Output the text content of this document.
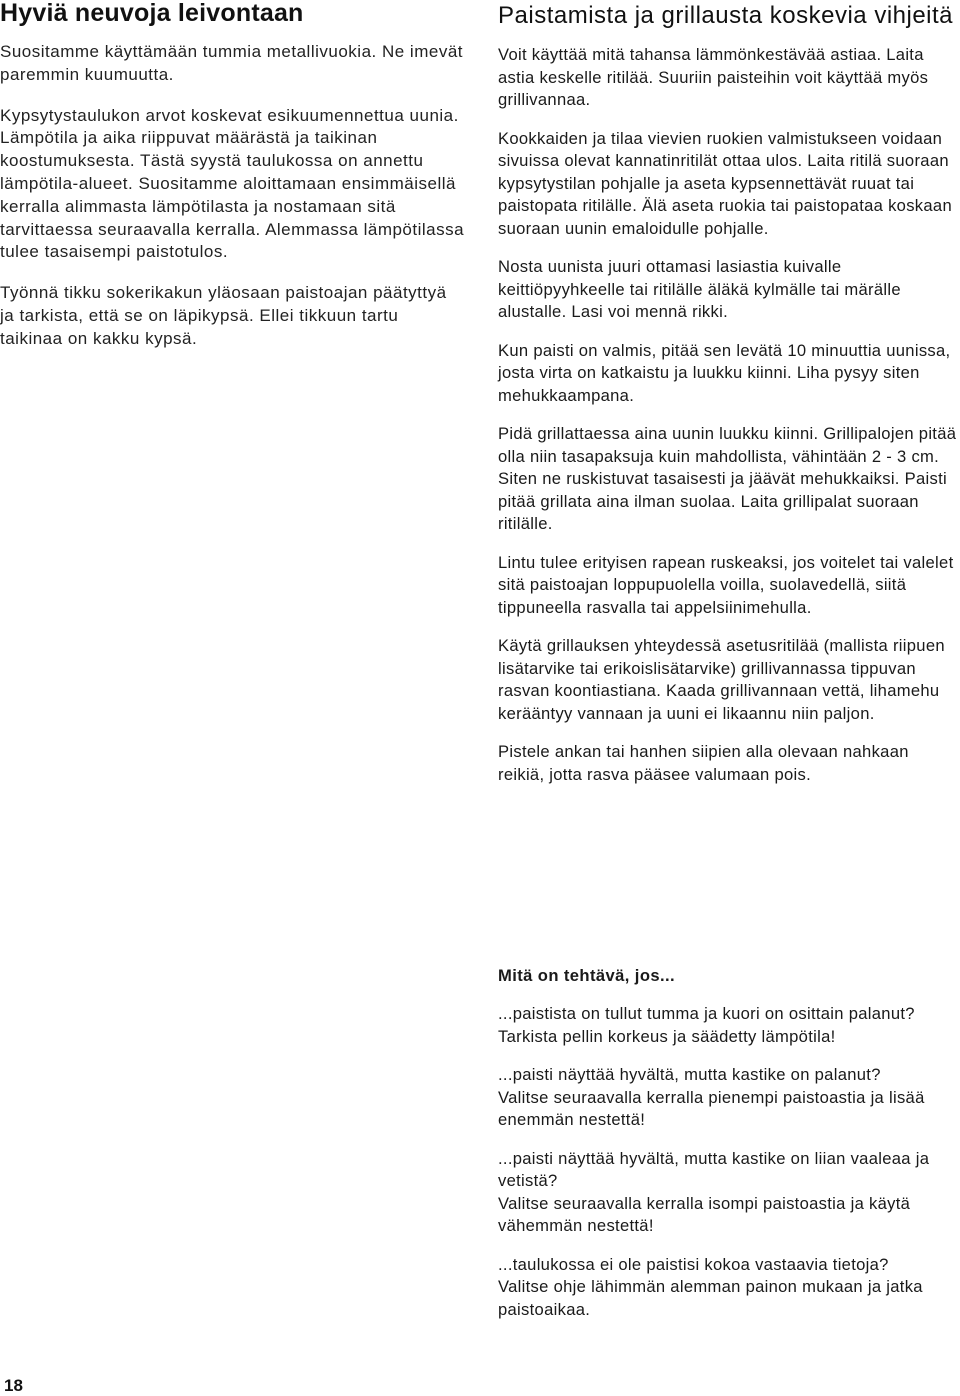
Hyviä neuvoja leivontaan

Suositamme käyttämään tummia metallivuokia. Ne imevät paremmin kuumuutta.

Kypsytystaulukon arvot koskevat esikuumennettua uunia. Lämpötila ja aika riippuvat määrästä ja taikinan koostumuksesta. Tästä syystä taulukossa on annettu lämpötila-alueet. Suositamme aloittamaan ensimmäisellä kerralla alimmasta lämpötilasta ja nostamaan sitä tarvittaessa seuraavalla kerralla. Alemmassa lämpötilassa tulee tasaisempi paistotulos.

Työnnä tikku sokerikakun yläosaan paistoajan päätyttyä ja tarkista, että se on läpikypsä. Ellei tikkuun tartu taikinaa on kakku kypsä.

Paistamista ja grillausta koskevia vihjeitä

Voit käyttää mitä tahansa lämmönkestävää astiaa. Laita astia keskelle ritilää. Suuriin paisteihin voit käyttää myös grillivannaa.

Kookkaiden ja tilaa vievien ruokien valmistukseen voidaan sivuissa olevat kannatinritilät ottaa ulos. Laita ritilä suoraan kypsytystilan pohjalle ja aseta kypsennettävät ruuat tai paistopata ritilälle. Älä aseta ruokia tai paistopataa koskaan suoraan uunin emaloidulle pohjalle.

Nosta uunista juuri ottamasi lasiastia kuivalle keittiöpyyhkeelle tai ritilälle äläkä kylmälle tai märälle alustalle. Lasi voi mennä rikki.

Kun paisti on valmis, pitää sen levätä 10 minuuttia uunissa, josta virta on katkaistu ja luukku kiinni. Liha pysyy siten mehukkaampana.

Pidä grillattaessa aina uunin luukku kiinni. Grillipalojen pitää olla niin tasapaksuja kuin mahdollista, vähintään 2 - 3 cm. Siten ne ruskistuvat tasaisesti ja jäävät mehukkaiksi. Paisti pitää grillata aina ilman suolaa. Laita grillipalat suoraan ritilälle.

Lintu tulee erityisen rapean ruskeaksi, jos voitelet tai valelet sitä paistoajan loppupuolella voilla, suolavedellä, siitä tippuneella rasvalla tai appelsiinimehulla.

Käytä grillauksen yhteydessä asetusritilää (mallista riipuen lisätarvike tai erikoislisätarvike) grillivannassa tippuvan rasvan koontiastiana. Kaada grillivannaan vettä, lihamehu kerääntyy vannaan ja uuni ei likaannu niin paljon.

Pistele ankan tai hanhen siipien alla olevaan nahkaan reikiä, jotta rasva pääsee valumaan pois.

Mitä on tehtävä, jos...

...paistista on tullut tumma ja kuori on osittain palanut?

Tarkista pellin korkeus ja säädetty lämpötila!

...paisti näyttää hyvältä, mutta kastike on palanut?

Valitse seuraavalla kerralla pienempi paistoastia ja lisää enemmän nestettä!

...paisti näyttää hyvältä, mutta kastike on liian vaaleaa ja vetistä?

Valitse seuraavalla kerralla isompi paistoastia ja käytä vähemmän nestettä!

...taulukossa ei ole paistisi kokoa vastaavia tietoja?

Valitse ohje lähimmän alemman painon mukaan ja jatka paistoaikaa.

18
